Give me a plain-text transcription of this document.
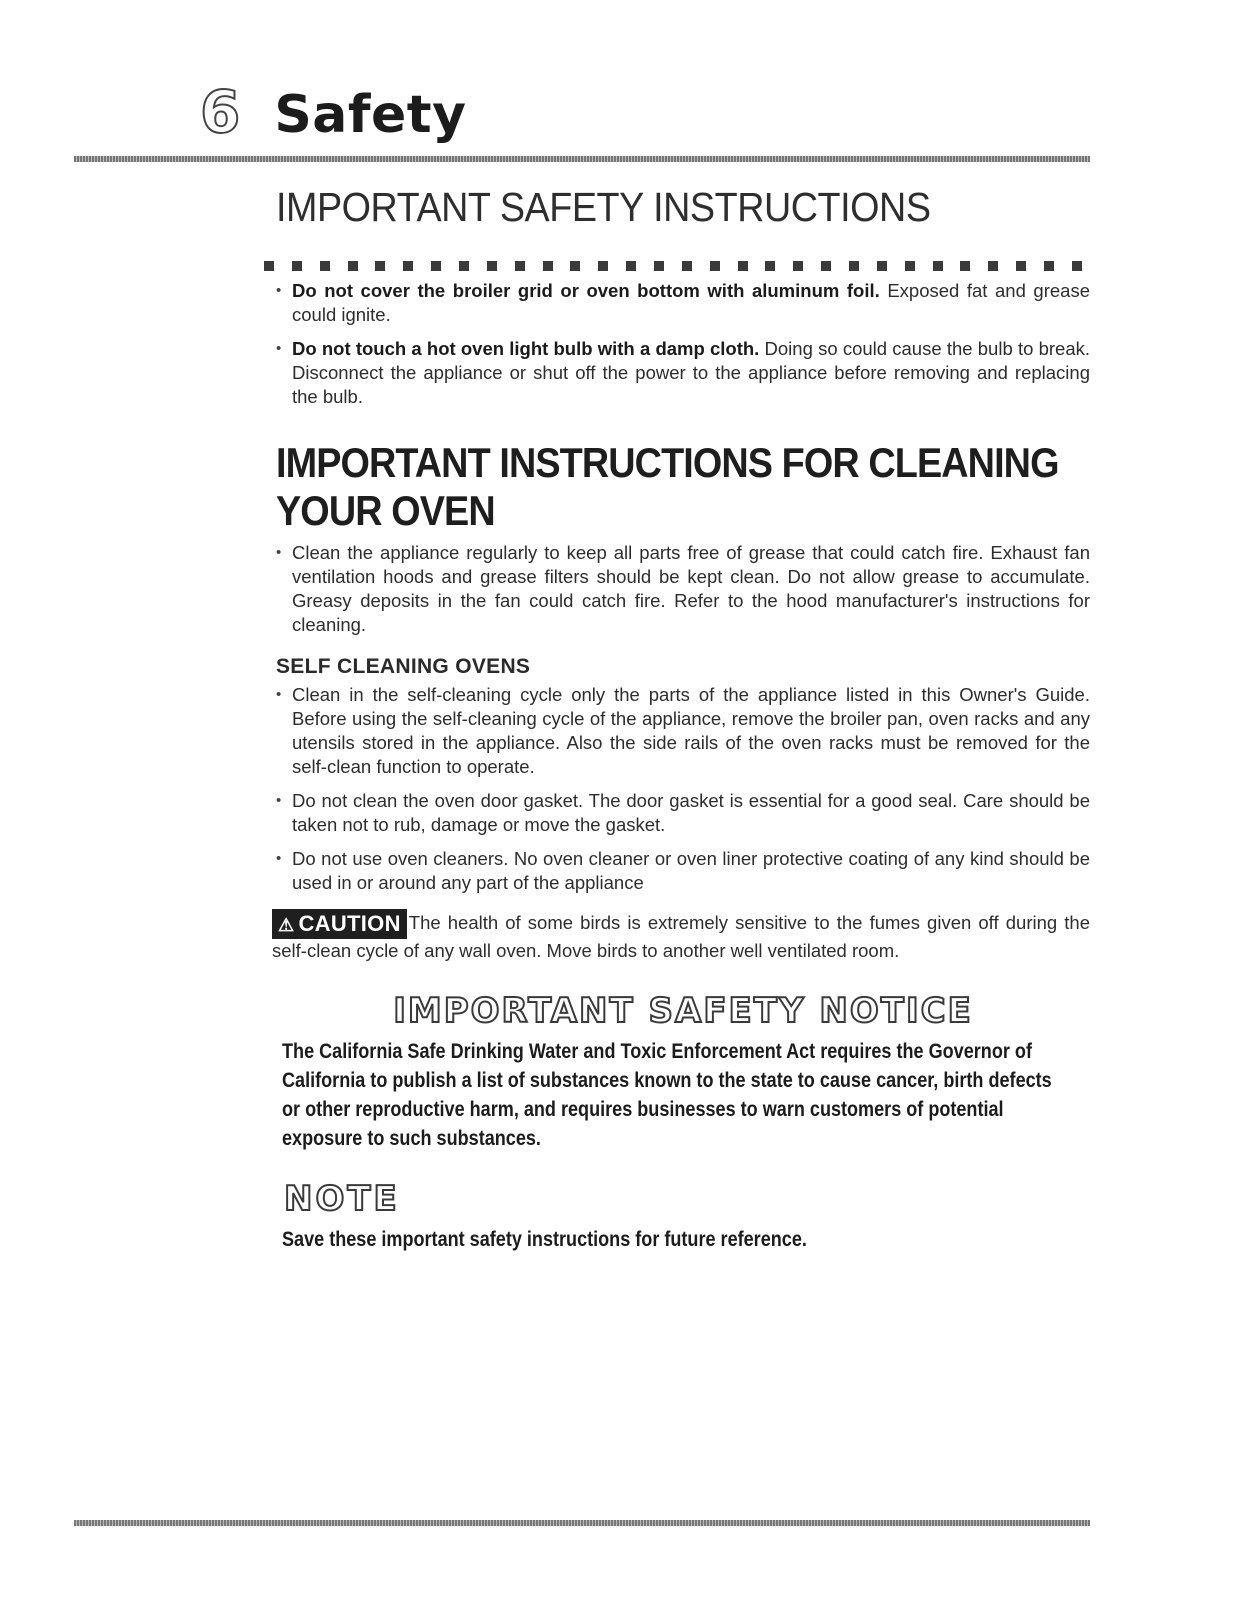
6 Safety
IMPORTANT SAFETY INSTRUCTIONS
• Do not cover the broiler grid or oven bottom with aluminum foil. Exposed fat and grease could ignite.
• Do not touch a hot oven light bulb with a damp cloth. Doing so could cause the bulb to break. Disconnect the appliance or shut off the power to the appliance before removing and replacing the bulb.
IMPORTANT INSTRUCTIONS FOR CLEANING YOUR OVEN
• Clean the appliance regularly to keep all parts free of grease that could catch fire. Exhaust fan ventilation hoods and grease filters should be kept clean. Do not allow grease to accumulate. Greasy deposits in the fan could catch fire. Refer to the hood manufacturer's instructions for cleaning.
SELF CLEANING OVENS
• Clean in the self-cleaning cycle only the parts of the appliance listed in this Owner's Guide. Before using the self-cleaning cycle of the appliance, remove the broiler pan, oven racks and any utensils stored in the appliance. Also the side rails of the oven racks must be removed for the self-clean function to operate.
• Do not clean the oven door gasket. The door gasket is essential for a good seal. Care should be taken not to rub, damage or move the gasket.
• Do not use oven cleaners. No oven cleaner or oven liner protective coating of any kind should be used in or around any part of the appliance
⚠ CAUTION The health of some birds is extremely sensitive to the fumes given off during the self-clean cycle of any wall oven. Move birds to another well ventilated room.
IMPORTANT SAFETY NOTICE
The California Safe Drinking Water and Toxic Enforcement Act requires the Governor of California to publish a list of substances known to the state to cause cancer, birth defects or other reproductive harm, and requires businesses to warn customers of potential exposure to such substances.
NOTE
Save these important safety instructions for future reference.
